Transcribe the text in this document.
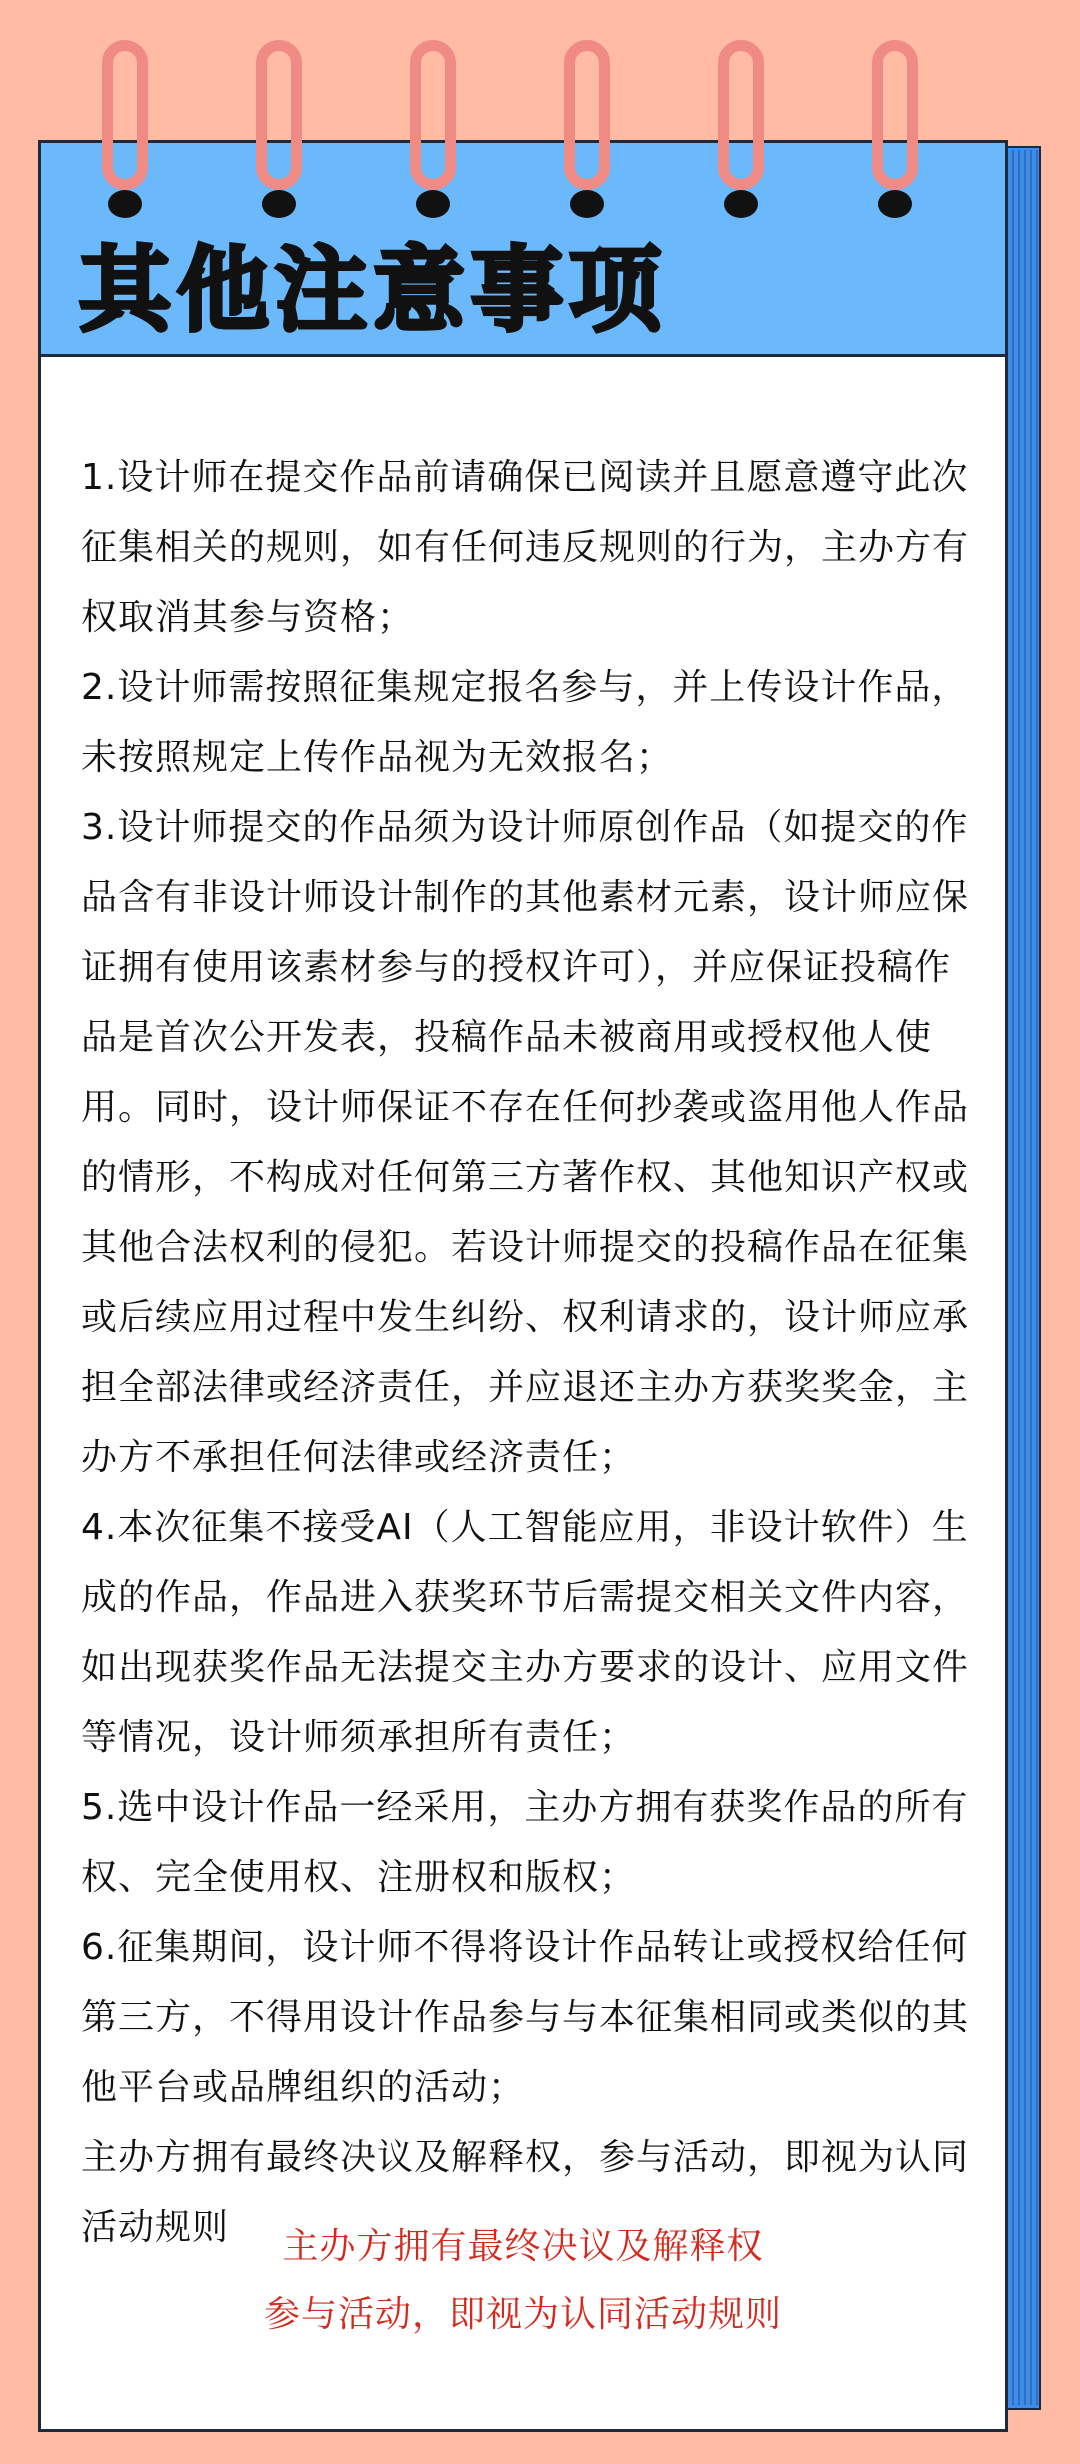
其他注意事项

1.设计师在提交作品前请确保已阅读并且愿意遵守此次征集相关的规则，如有任何违反规则的行为，主办方有权取消其参与资格；

2.设计师需按照征集规定报名参与，并上传设计作品，未按照规定上传作品视为无效报名；

3.设计师提交的作品须为设计师原创作品（如提交的作品含有非设计师设计制作的其他素材元素，设计师应保证拥有使用该素材参与的授权许可），并应保证投稿作品是首次公开发表，投稿作品未被商用或授权他人使用。同时，设计师保证不存在任何抄袭或盗用他人作品的情形，不构成对任何第三方著作权、其他知识产权或其他合法权利的侵犯。若设计师提交的投稿作品在征集或后续应用过程中发生纠纷、权利请求的，设计师应承担全部法律或经济责任，并应退还主办方获奖奖金，主办方不承担任何法律或经济责任；

4.本次征集不接受AI（人工智能应用，非设计软件）生成的作品，作品进入获奖环节后需提交相关文件内容，如出现获奖作品无法提交主办方要求的设计、应用文件等情况，设计师须承担所有责任；

5.选中设计作品一经采用，主办方拥有获奖作品的所有权、完全使用权、注册权和版权；

6.征集期间，设计师不得将设计作品转让或授权给任何第三方，不得用设计作品参与与本征集相同或类似的其他平台或品牌组织的活动；

主办方拥有最终决议及解释权，参与活动，即视为认同活动规则	主办方拥有最终决议及解释权
参与活动，即视为认同活动规则
